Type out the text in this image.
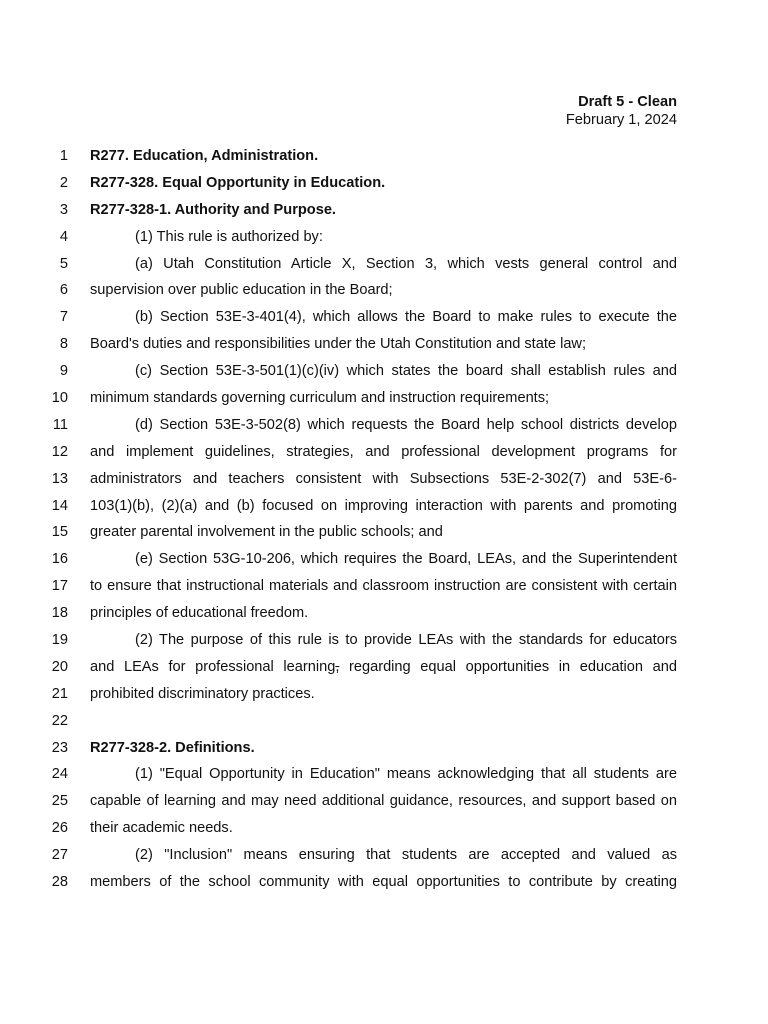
Draft 5 - Clean
February 1, 2024
1 R277. Education, Administration.
2 R277-328. Equal Opportunity in Education.
3 R277-328-1. Authority and Purpose.
4	(1) This rule is authorized by:
5	(a) Utah Constitution Article X, Section 3, which vests general control and
6 supervision over public education in the Board;
7	(b) Section 53E-3-401(4), which allows the Board to make rules to execute the
8 Board's duties and responsibilities under the Utah Constitution and state law;
9	(c) Section 53E-3-501(1)(c)(iv) which states the board shall establish rules and
10 minimum standards governing curriculum and instruction requirements;
11	(d) Section 53E-3-502(8) which requests the Board help school districts develop
12 and implement guidelines, strategies, and professional development programs for
13 administrators and teachers consistent with Subsections 53E-2-302(7) and 53E-6-
14 103(1)(b), (2)(a) and (b) focused on improving interaction with parents and promoting
15 greater parental involvement in the public schools; and
16	(e) Section 53G-10-206, which requires the Board, LEAs, and the Superintendent
17 to ensure that instructional materials and classroom instruction are consistent with certain
18 principles of educational freedom.
19	(2) The purpose of this rule is to provide LEAs with the standards for educators
20 and LEAs for professional learning, regarding equal opportunities in education and
21 prohibited discriminatory practices.
22
23 R277-328-2. Definitions.
24	(1) "Equal Opportunity in Education" means acknowledging that all students are
25 capable of learning and may need additional guidance, resources, and support based on
26 their academic needs.
27	(2) "Inclusion" means ensuring that students are accepted and valued as
28 members of the school community with equal opportunities to contribute by creating
